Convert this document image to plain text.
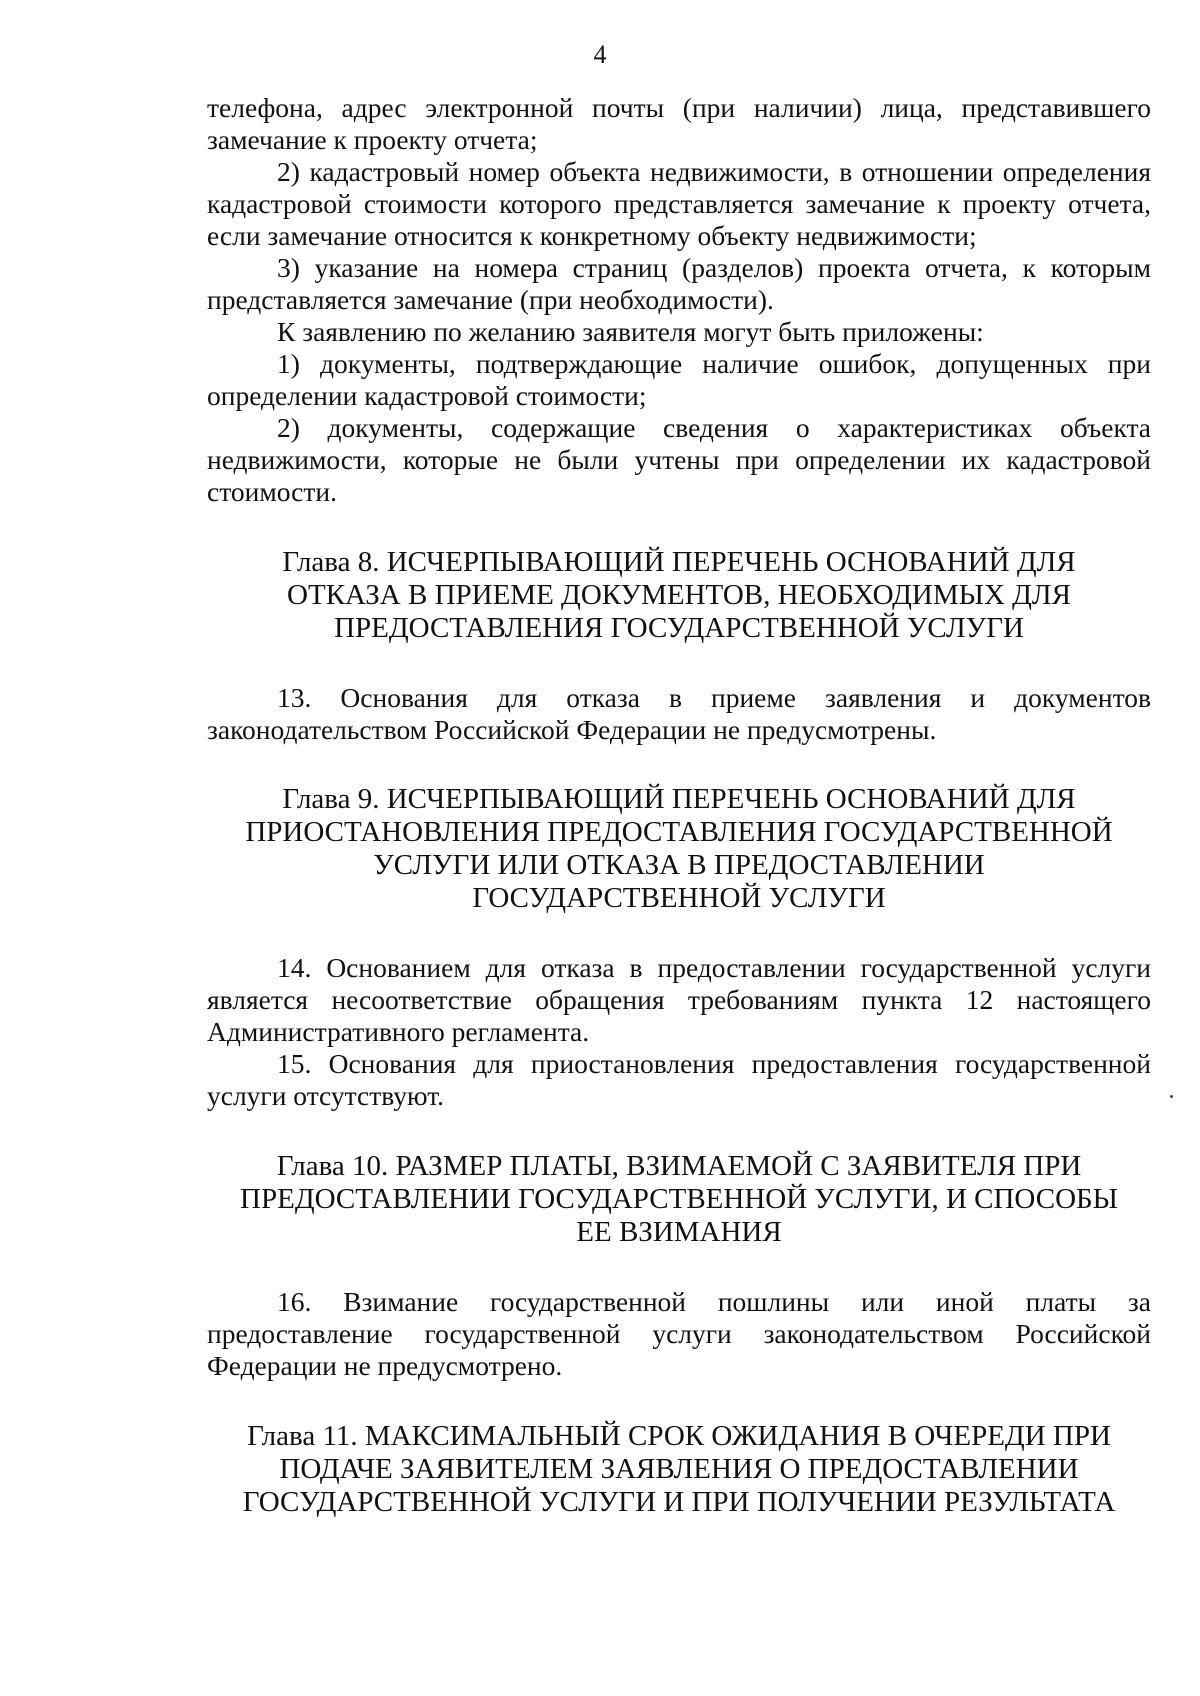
4

телефона, адрес электронной почты (при наличии) лица, представившего замечание к проекту отчета;

2) кадастровый номер объекта недвижимости, в отношении определения кадастровой стоимости которого представляется замечание к проекту отчета, если замечание относится к конкретному объекту недвижимости;

3) указание на номера страниц (разделов) проекта отчета, к которым представляется замечание (при необходимости).

К заявлению по желанию заявителя могут быть приложены:

1) документы, подтверждающие наличие ошибок, допущенных при определении кадастровой стоимости;

2) документы, содержащие сведения о характеристиках объекта недвижимости, которые не были учтены при определении их кадастровой стоимости.

Глава 8. ИСЧЕРПЫВАЮЩИЙ ПЕРЕЧЕНЬ ОСНОВАНИЙ ДЛЯ ОТКАЗА В ПРИЕМЕ ДОКУМЕНТОВ, НЕОБХОДИМЫХ ДЛЯ ПРЕДОСТАВЛЕНИЯ ГОСУДАРСТВЕННОЙ УСЛУГИ

13. Основания для отказа в приеме заявления и документов законодательством Российской Федерации не предусмотрены.

Глава 9. ИСЧЕРПЫВАЮЩИЙ ПЕРЕЧЕНЬ ОСНОВАНИЙ ДЛЯ ПРИОСТАНОВЛЕНИЯ ПРЕДОСТАВЛЕНИЯ ГОСУДАРСТВЕННОЙ УСЛУГИ ИЛИ ОТКАЗА В ПРЕДОСТАВЛЕНИИ ГОСУДАРСТВЕННОЙ УСЛУГИ

14. Основанием для отказа в предоставлении государственной услуги является несоответствие обращения требованиям пункта 12 настоящего Административного регламента.

15. Основания для приостановления предоставления государственной услуги отсутствуют.

Глава 10. РАЗМЕР ПЛАТЫ, ВЗИМАЕМОЙ С ЗАЯВИТЕЛЯ ПРИ ПРЕДОСТАВЛЕНИИ ГОСУДАРСТВЕННОЙ УСЛУГИ, И СПОСОБЫ ЕЕ ВЗИМАНИЯ

16. Взимание государственной пошлины или иной платы за предоставление государственной услуги законодательством Российской Федерации не предусмотрено.

Глава 11. МАКСИМАЛЬНЫЙ СРОК ОЖИДАНИЯ В ОЧЕРЕДИ ПРИ ПОДАЧЕ ЗАЯВИТЕЛЕМ ЗАЯВЛЕНИЯ О ПРЕДОСТАВЛЕНИИ ГОСУДАРСТВЕННОЙ УСЛУГИ И ПРИ ПОЛУЧЕНИИ РЕЗУЛЬТАТА
